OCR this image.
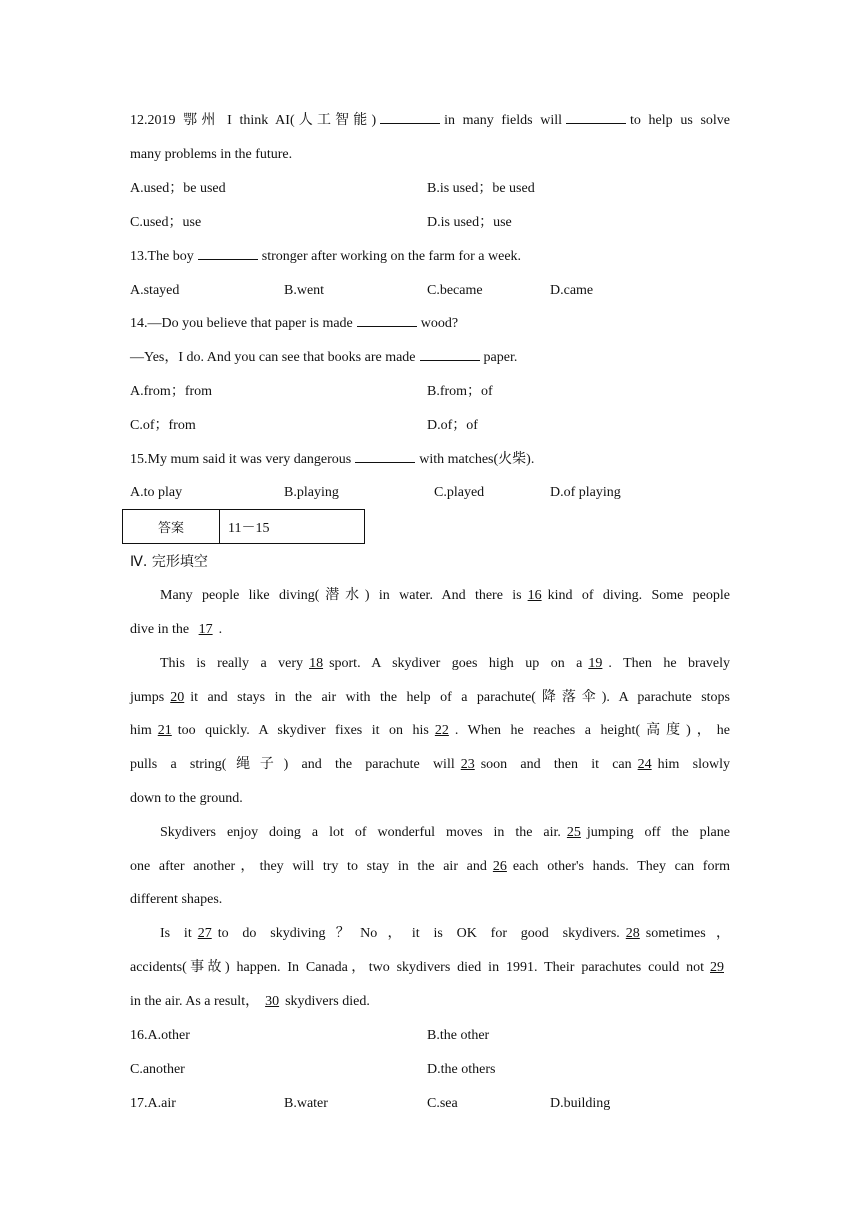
12.2019 鄂州 I think AI(人工智能)	in many fields will	to help us solve
many problems in the future.
A.used；be used	B.is used；be used
C.used；use	D.is used；use
13.The boy	stronger after working on the farm for a week.
A.stayed	B.went	C.became	D.came
14.—Do you believe that paper is made	wood?
—Yes，I do. And you can see that books are made	paper.
A.from；from	B.from；of
C.of；from	D.of；of
15.My mum said it was very dangerous	with matches(火柴).
A.to play	B.playing	C.played	D.of playing
答案	11－15
Ⅳ. 完形填空
Many people like diving(潜水) in water. And there is 16 kind of diving. Some people
dive in the 17 .
This is really a very 18 sport. A skydiver goes high up on a 19 . Then he bravely
jumps 20 it and stays in the air with the help of a parachute(降落伞). A parachute stops
him 21 too quickly. A skydiver fixes it on his 22 . When he reaches a height(高度)，he
pulls a string(绳子) and the parachute will 23 soon and then it can 24 him slowly
down to the ground.
Skydivers enjoy doing a lot of wonderful moves in the air. 25 jumping off the plane
one after another，they will try to stay in the air and 26 each other's hands. They can form
different shapes.
Is it 27 to do skydiving？No，it is OK for good skydivers. 28 sometimes，
accidents(事故) happen. In Canada，two skydivers died in 1991. Their parachutes could not 29
in the air. As a result， 30 skydivers died.
16.A.other	B.the other
C.another	D.the others
17.A.air	B.water	C.sea	D.building
